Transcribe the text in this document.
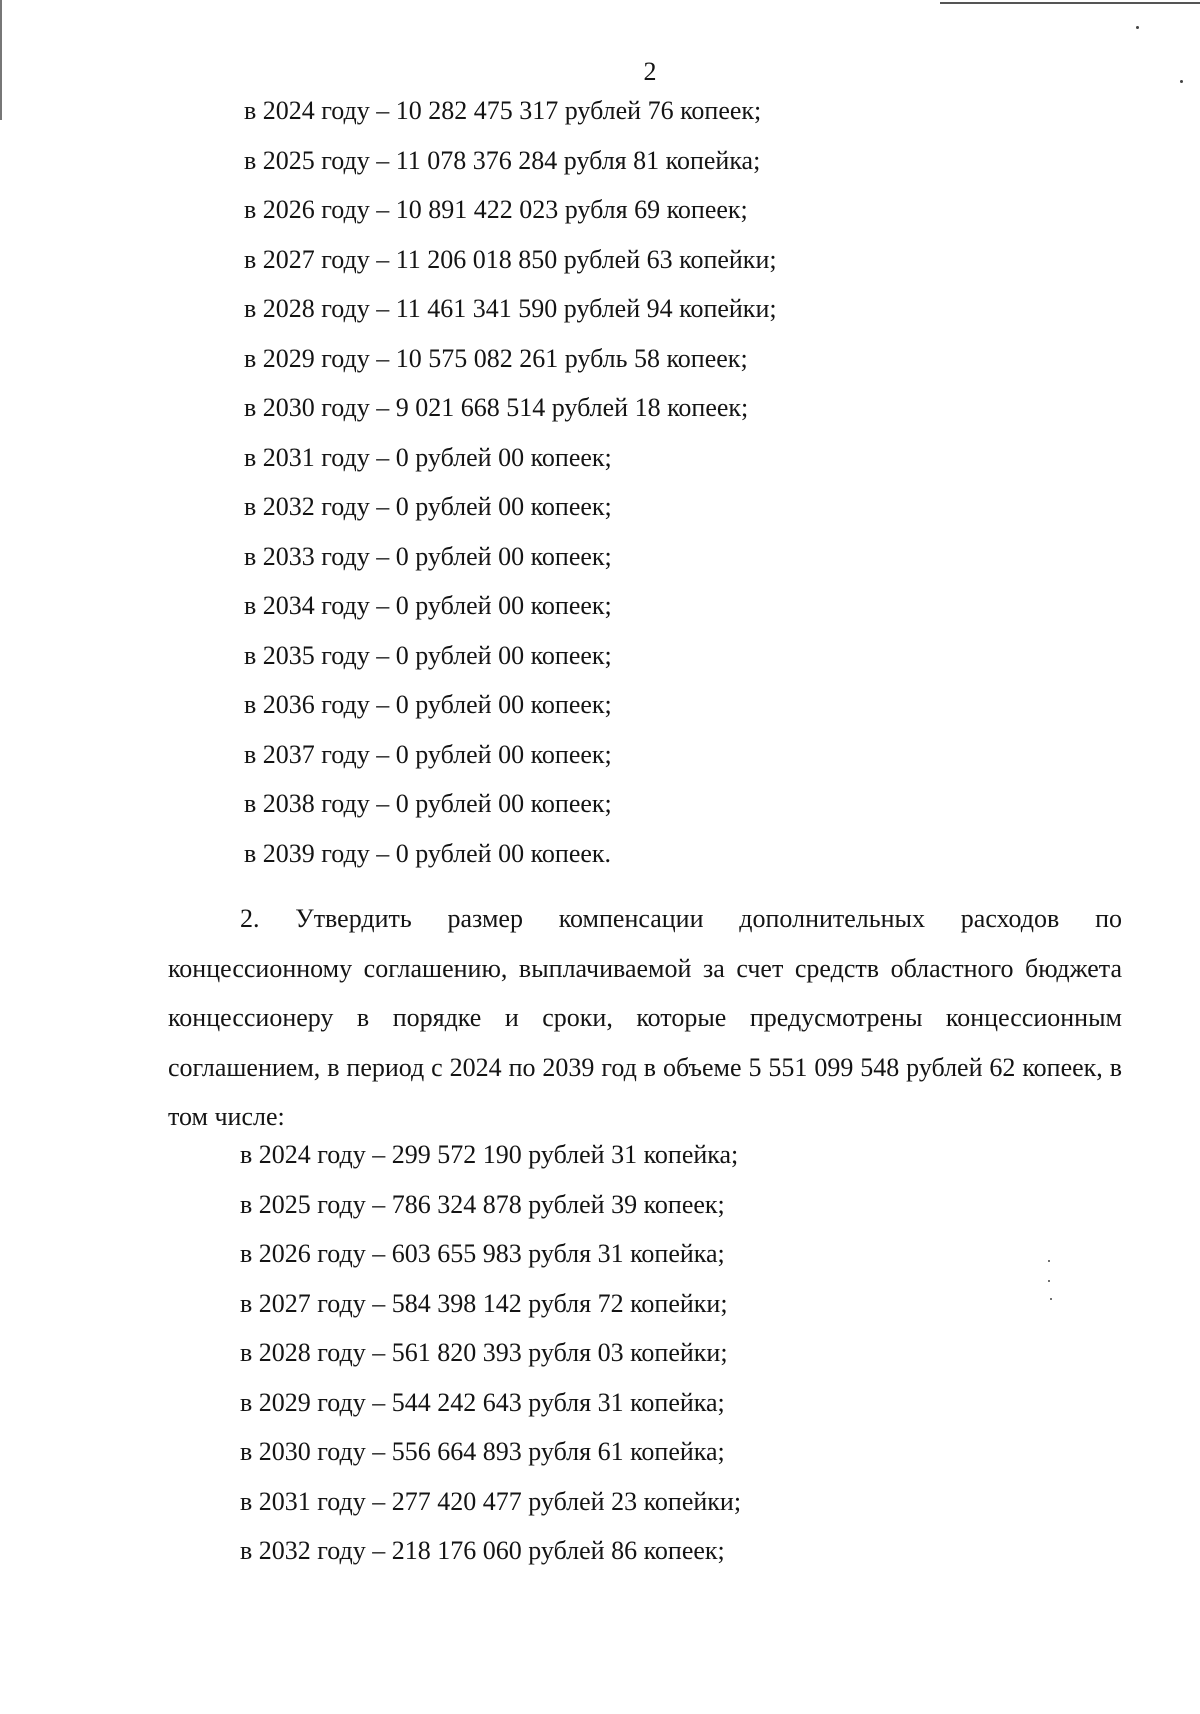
2
в 2024 году – 10 282 475 317 рублей 76 копеек;
в 2025 году – 11 078 376 284 рубля 81 копейка;
в 2026 году – 10 891 422 023 рубля 69 копеек;
в 2027 году – 11 206 018 850 рублей 63 копейки;
в 2028 году – 11 461 341 590 рублей 94 копейки;
в 2029 году – 10 575 082 261 рубль 58 копеек;
в 2030 году – 9 021 668 514 рублей 18 копеек;
в 2031 году – 0 рублей 00 копеек;
в 2032 году – 0 рублей 00 копеек;
в 2033 году – 0 рублей 00 копеек;
в 2034 году – 0 рублей 00 копеек;
в 2035 году – 0 рублей 00 копеек;
в 2036 году – 0 рублей 00 копеек;
в 2037 году – 0 рублей 00 копеек;
в 2038 году – 0 рублей 00 копеек;
в 2039 году – 0 рублей 00 копеек.

2. Утвердить размер компенсации дополнительных расходов по концессионному соглашению, выплачиваемой за счет средств областного бюджета концессионеру в порядке и сроки, которые предусмотрены концессионным соглашением, в период с 2024 по 2039 год в объеме 5 551 099 548 рублей 62 копеек, в том числе:

в 2024 году – 299 572 190 рублей 31 копейка;
в 2025 году – 786 324 878 рублей 39 копеек;
в 2026 году – 603 655 983 рубля 31 копейка;
в 2027 году – 584 398 142 рубля 72 копейки;
в 2028 году – 561 820 393 рубля 03 копейки;
в 2029 году – 544 242 643 рубля 31 копейка;
в 2030 году – 556 664 893 рубля 61 копейка;
в 2031 году – 277 420 477 рублей 23 копейки;
в 2032 году – 218 176 060 рублей 86 копеек;
